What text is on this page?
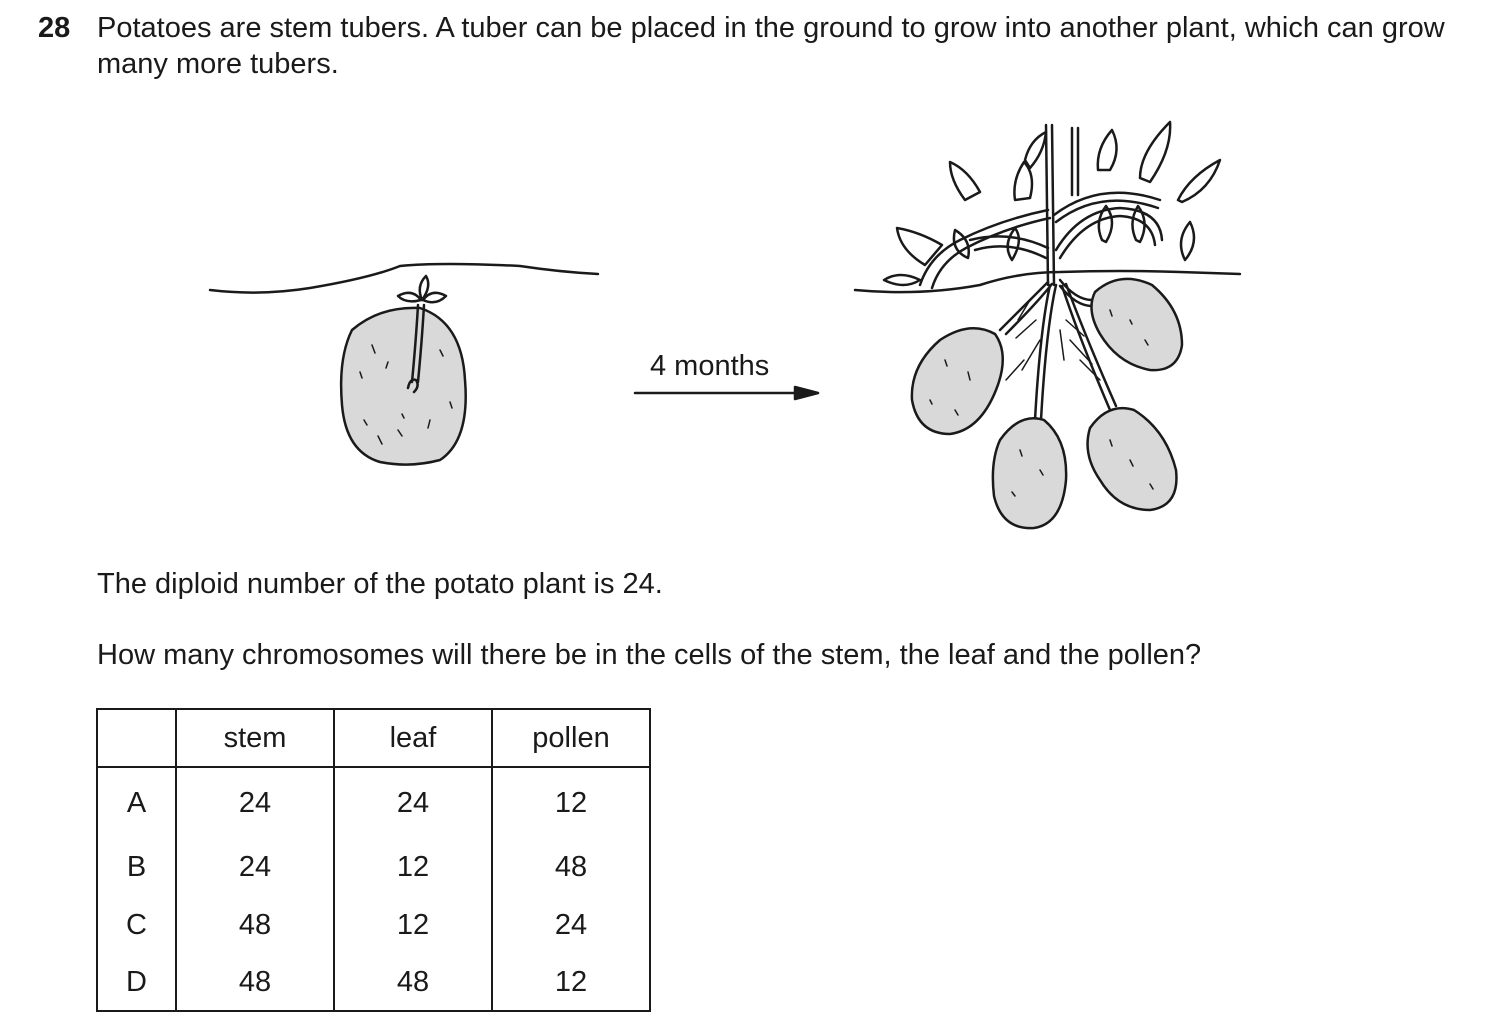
28 Potatoes are stem tubers. A tuber can be placed in the ground to grow into another plant, which can grow many more tubers.
4 months
The diploid number of the potato plant is 24.
How many chromosomes will there be in the cells of the stem, the leaf and the pollen?
	stem	leaf	pollen
A	24	24	12
B	24	12	48
C	48	12	24
D	48	48	12
